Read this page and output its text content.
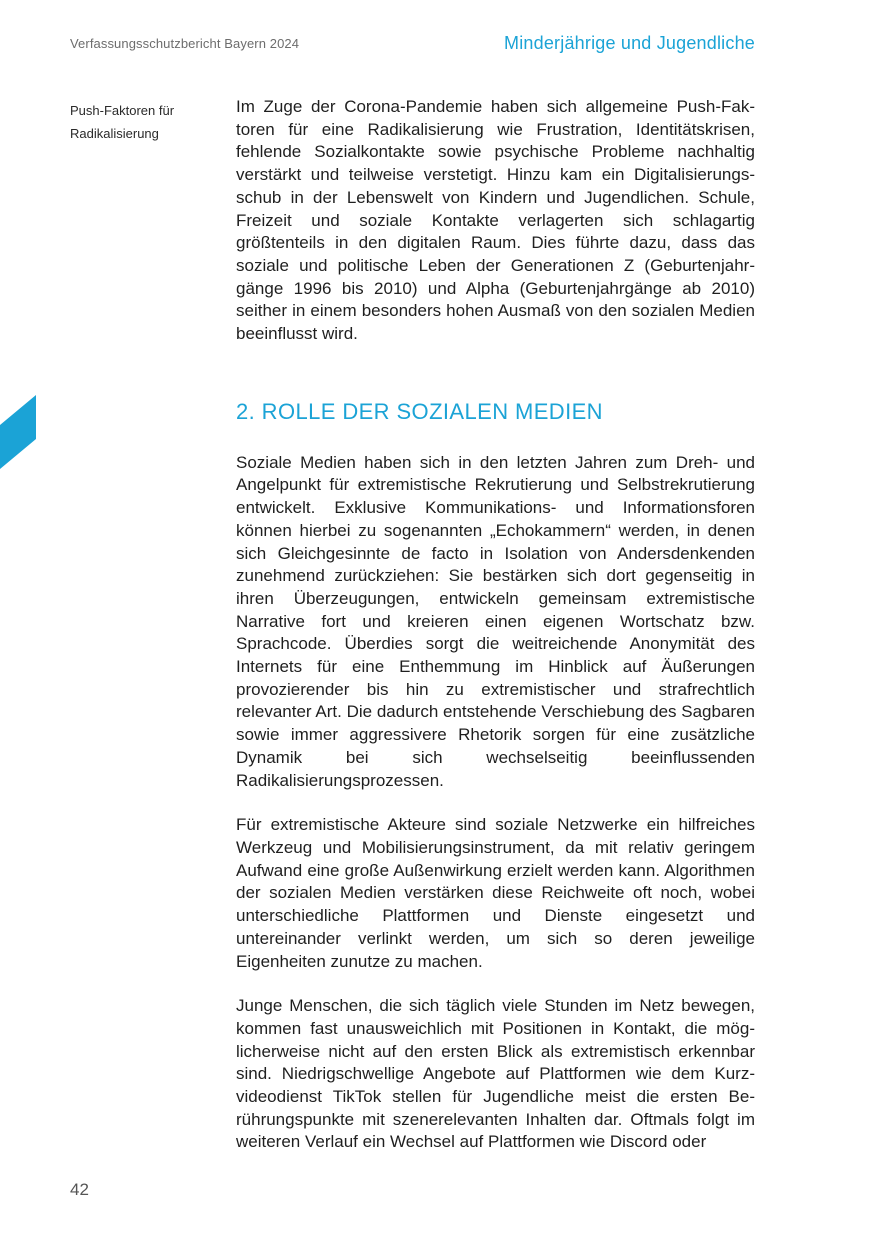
Verfassungsschutzbericht Bayern 2024	Minderjährige und Jugendliche
Push-Faktoren für
Radikalisierung

Im Zuge der Corona-Pandemie haben sich allgemeine Push-Faktoren für eine Radikalisierung wie Frustration, Identitätskrisen, fehlende Sozialkontakte sowie psychische Probleme nachhaltig verstärkt und teilweise verstetigt. Hinzu kam ein Digitalisierungsschub in der Lebenswelt von Kindern und Jugendlichen. Schule, Freizeit und soziale Kontakte verlagerten sich schlagartig größtenteils in den digitalen Raum. Dies führte dazu, dass das soziale und politische Leben der Generationen Z (Geburtenjahrgänge 1996 bis 2010) und Alpha (Geburtenjahrgänge ab 2010) seither in einem besonders hohen Ausmaß von den sozialen Medien beeinflusst wird.

2. ROLLE DER SOZIALEN MEDIEN

Soziale Medien haben sich in den letzten Jahren zum Dreh- und Angelpunkt für extremistische Rekrutierung und Selbstrekrutierung entwickelt. Exklusive Kommunikations- und Informationsforen können hierbei zu sogenannten „Echokammern“ werden, in denen sich Gleichgesinnte de facto in Isolation von Andersdenkenden zunehmend zurückziehen: Sie bestärken sich dort gegenseitig in ihren Überzeugungen, entwickeln gemeinsam extremistische Narrative fort und kreieren einen eigenen Wortschatz bzw. Sprachcode. Überdies sorgt die weitreichende Anonymität des Internets für eine Enthemmung im Hinblick auf Äußerungen provozierender bis hin zu extremistischer und strafrechtlich relevanter Art. Die dadurch entstehende Verschiebung des Sagbaren sowie immer aggressivere Rhetorik sorgen für eine zusätzliche Dynamik bei sich wechselseitig beeinflussenden Radikalisierungsprozessen.

Für extremistische Akteure sind soziale Netzwerke ein hilfreiches Werkzeug und Mobilisierungsinstrument, da mit relativ geringem Aufwand eine große Außenwirkung erzielt werden kann. Algorithmen der sozialen Medien verstärken diese Reichweite oft noch, wobei unterschiedliche Plattformen und Dienste eingesetzt und untereinander verlinkt werden, um sich so deren jeweilige Eigenheiten zunutze zu machen.

Junge Menschen, die sich täglich viele Stunden im Netz bewegen, kommen fast unausweichlich mit Positionen in Kontakt, die möglicherweise nicht auf den ersten Blick als extremistisch erkennbar sind. Niedrigschwellige Angebote auf Plattformen wie dem Kurzvideodienst TikTok stellen für Jugendliche meist die ersten Berührungspunkte mit szenerelevanten Inhalten dar. Oftmals folgt im weiteren Verlauf ein Wechsel auf Plattformen wie Discord oder

42
